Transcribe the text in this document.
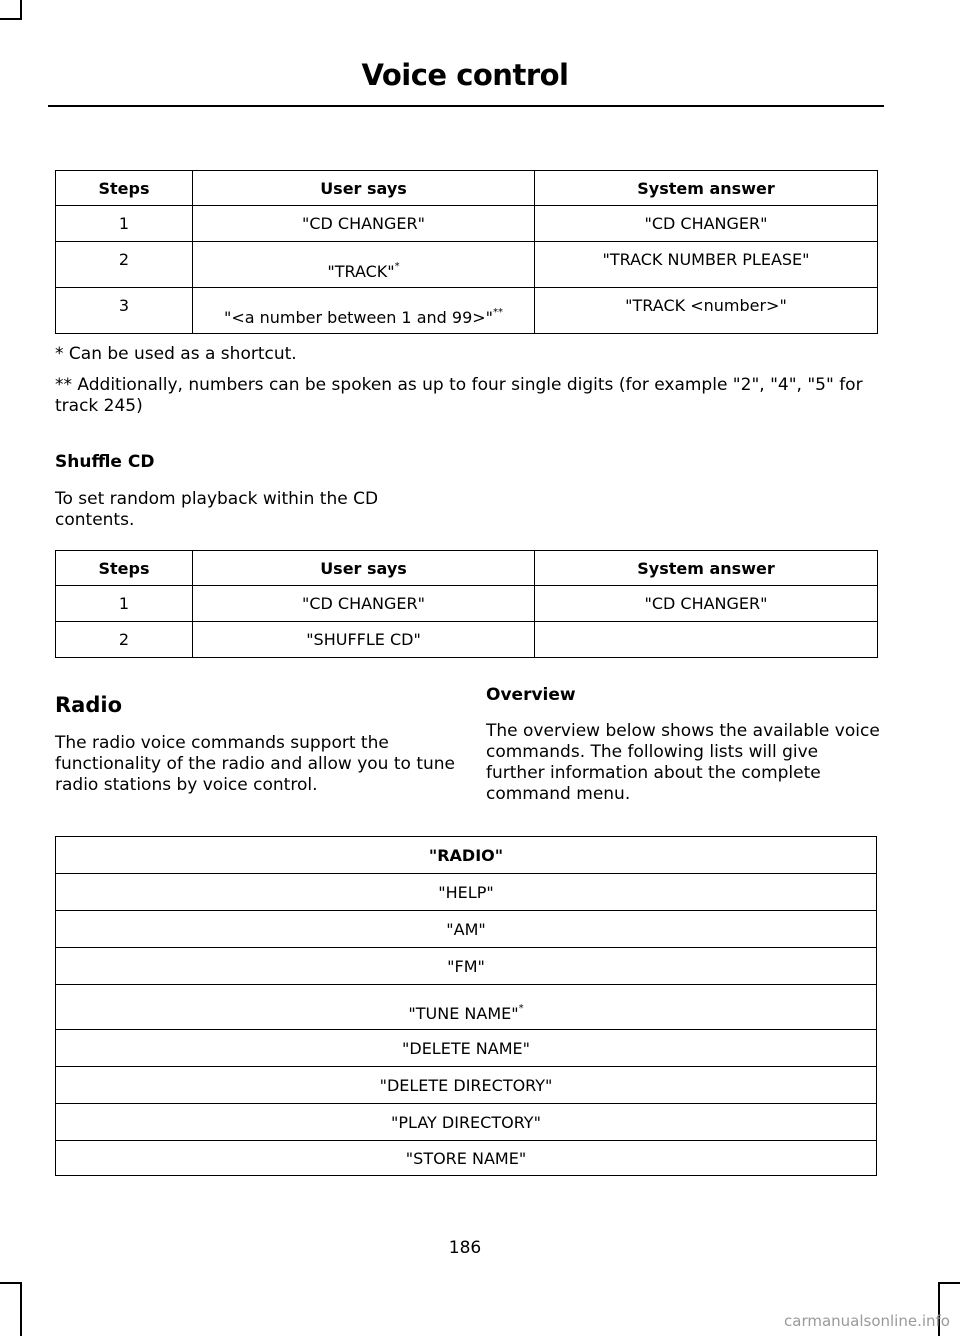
Voice control
Steps	User says	System answer
1	"CD CHANGER"	"CD CHANGER"
2	"TRACK"*	"TRACK NUMBER PLEASE"
3	"<a number between 1 and 99>"**	"TRACK <number>"
* Can be used as a shortcut.
** Additionally, numbers can be spoken as up to four single digits (for example "2", "4", "5" for track 245)
Shuffle CD
To set random playback within the CD contents.
Steps	User says	System answer
1	"CD CHANGER"	"CD CHANGER"
2	"SHUFFLE CD"	
Radio
The radio voice commands support the functionality of the radio and allow you to tune radio stations by voice control.
Overview
The overview below shows the available voice commands. The following lists will give further information about the complete command menu.
"RADIO"
"HELP"
"AM"
"FM"
"TUNE NAME"*
"DELETE NAME"
"DELETE DIRECTORY"
"PLAY DIRECTORY"
"STORE NAME"
186
carmanualsonline.info
